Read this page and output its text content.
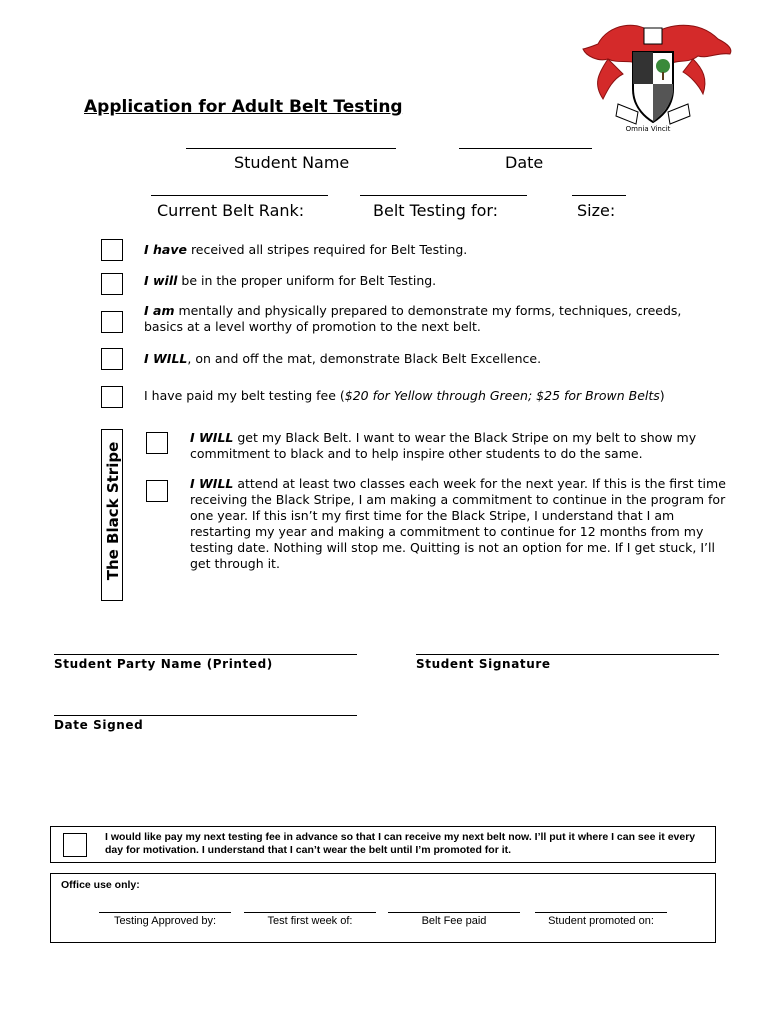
Omnia Vincit
Application for Adult Belt Testing
Student Name	Date
Current Belt Rank:	Belt Testing for:	Size:
I have received all stripes required for Belt Testing.
I will be in the proper uniform for Belt Testing.
I am mentally and physically prepared to demonstrate my forms, techniques, creeds, basics at a level worthy of promotion to the next belt.
I WILL, on and off the mat, demonstrate Black Belt Excellence.
I have paid my belt testing fee ($20 for Yellow through Green; $25 for Brown Belts)
The Black Stripe
I WILL get my Black Belt. I want to wear the Black Stripe on my belt to show my commitment to black and to help inspire other students to do the same.
I WILL attend at least two classes each week for the next year. If this is the first time receiving the Black Stripe, I am making a commitment to continue in the program for one year. If this isn’t my first time for the Black Stripe, I understand that I am restarting my year and making a commitment to continue for 12 months from my testing date. Nothing will stop me. Quitting is not an option for me. If I get stuck, I’ll get through it.
Student Party Name (Printed)	Student Signature
Date Signed
I would like pay my next testing fee in advance so that I can receive my next belt now. I’ll put it where I can see it every day for motivation. I understand that I can’t wear the belt until I’m promoted for it.
Office use only:
Testing Approved by:	Test first week of:	Belt Fee paid	Student promoted on:
